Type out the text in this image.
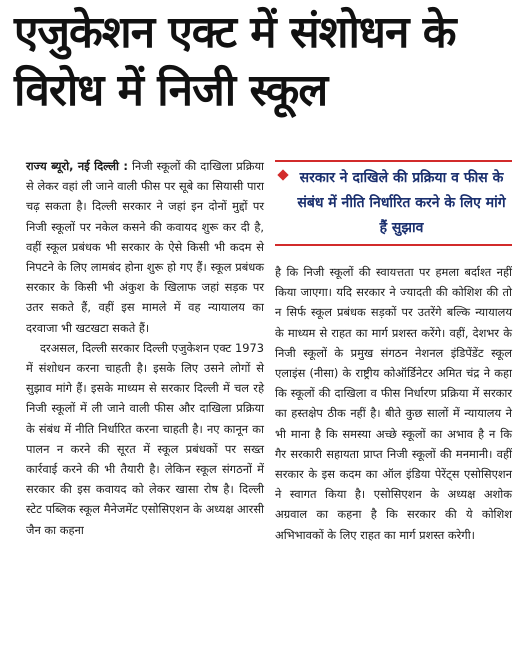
एजुकेशन एक्ट में संशोधन के विरोध में निजी स्कूल

राज्य ब्यूरो, नई दिल्ली : निजी स्कूलों की दाखिला प्रक्रिया से लेकर वहां ली जाने वाली फीस पर सूबे का सियासी पारा चढ़ सकता है। दिल्ली सरकार ने जहां इन दोनों मुद्दों पर निजी स्कूलों पर नकेल कसने की कवायद शुरू कर दी है, वहीं स्कूल प्रबंधक भी सरकार के ऐसे किसी भी कदम से निपटने के लिए लामबंद होना शुरू हो गए हैं। स्कूल प्रबंधक सरकार के किसी भी अंकुश के खिलाफ जहां सड़क पर उतर सकते हैं, वहीं इस मामले में वह न्यायालय का दरवाजा भी खटखटा सकते हैं।

दरअसल, दिल्ली सरकार दिल्ली एजुकेशन एक्ट 1973 में संशोधन करना चाहती है। इसके लिए उसने लोगों से सुझाव मांगे हैं। इसके माध्यम से सरकार दिल्ली में चल रहे निजी स्कूलों में ली जाने वाली फीस और दाखिला प्रक्रिया के संबंध में नीति निर्धारित करना चाहती है। नए कानून का पालन न करने की सूरत में स्कूल प्रबंधकों पर सख्त कार्रवाई करने की भी तैयारी है। लेकिन स्कूल संगठनों में सरकार की इस कवायद को लेकर खासा रोष है। दिल्ली स्टेट पब्लिक स्कूल मैनेजमेंट एसोसिएशन के अध्यक्ष आरसी जैन का कहना

सरकार ने दाखिले की प्रक्रिया व फीस के संबंध में नीति निर्धारित करने के लिए मांगे हैं सुझाव

है कि निजी स्कूलों की स्वायत्तता पर हमला बर्दाश्त नहीं किया जाएगा। यदि सरकार ने ज्यादती की कोशिश की तो न सिर्फ स्कूल प्रबंधक सड़कों पर उतरेंगे बल्कि न्यायालय के माध्यम से राहत का मार्ग प्रशस्त करेंगे। वहीं, देशभर के निजी स्कूलों के प्रमुख संगठन नेशनल इंडिपेंडेंट स्कूल एलाइंस (नीसा) के राष्ट्रीय कोऑर्डिनेटर अमित चंद्र ने कहा कि स्कूलों की दाखिला व फीस निर्धारण प्रक्रिया में सरकार का हस्तक्षेप ठीक नहीं है। बीते कुछ सालों में न्यायालय ने भी माना है कि समस्या अच्छे स्कूलों का अभाव है न कि गैर सरकारी सहायता प्राप्त निजी स्कूलों की मनमानी। वहीं सरकार के इस कदम का ऑल इंडिया पेरेंट्स एसोसिएशन ने स्वागत किया है। एसोसिएशन के अध्यक्ष अशोक अग्रवाल का कहना है कि सरकार की ये कोशिश अभिभावकों के लिए राहत का मार्ग प्रशस्त करेगी।
